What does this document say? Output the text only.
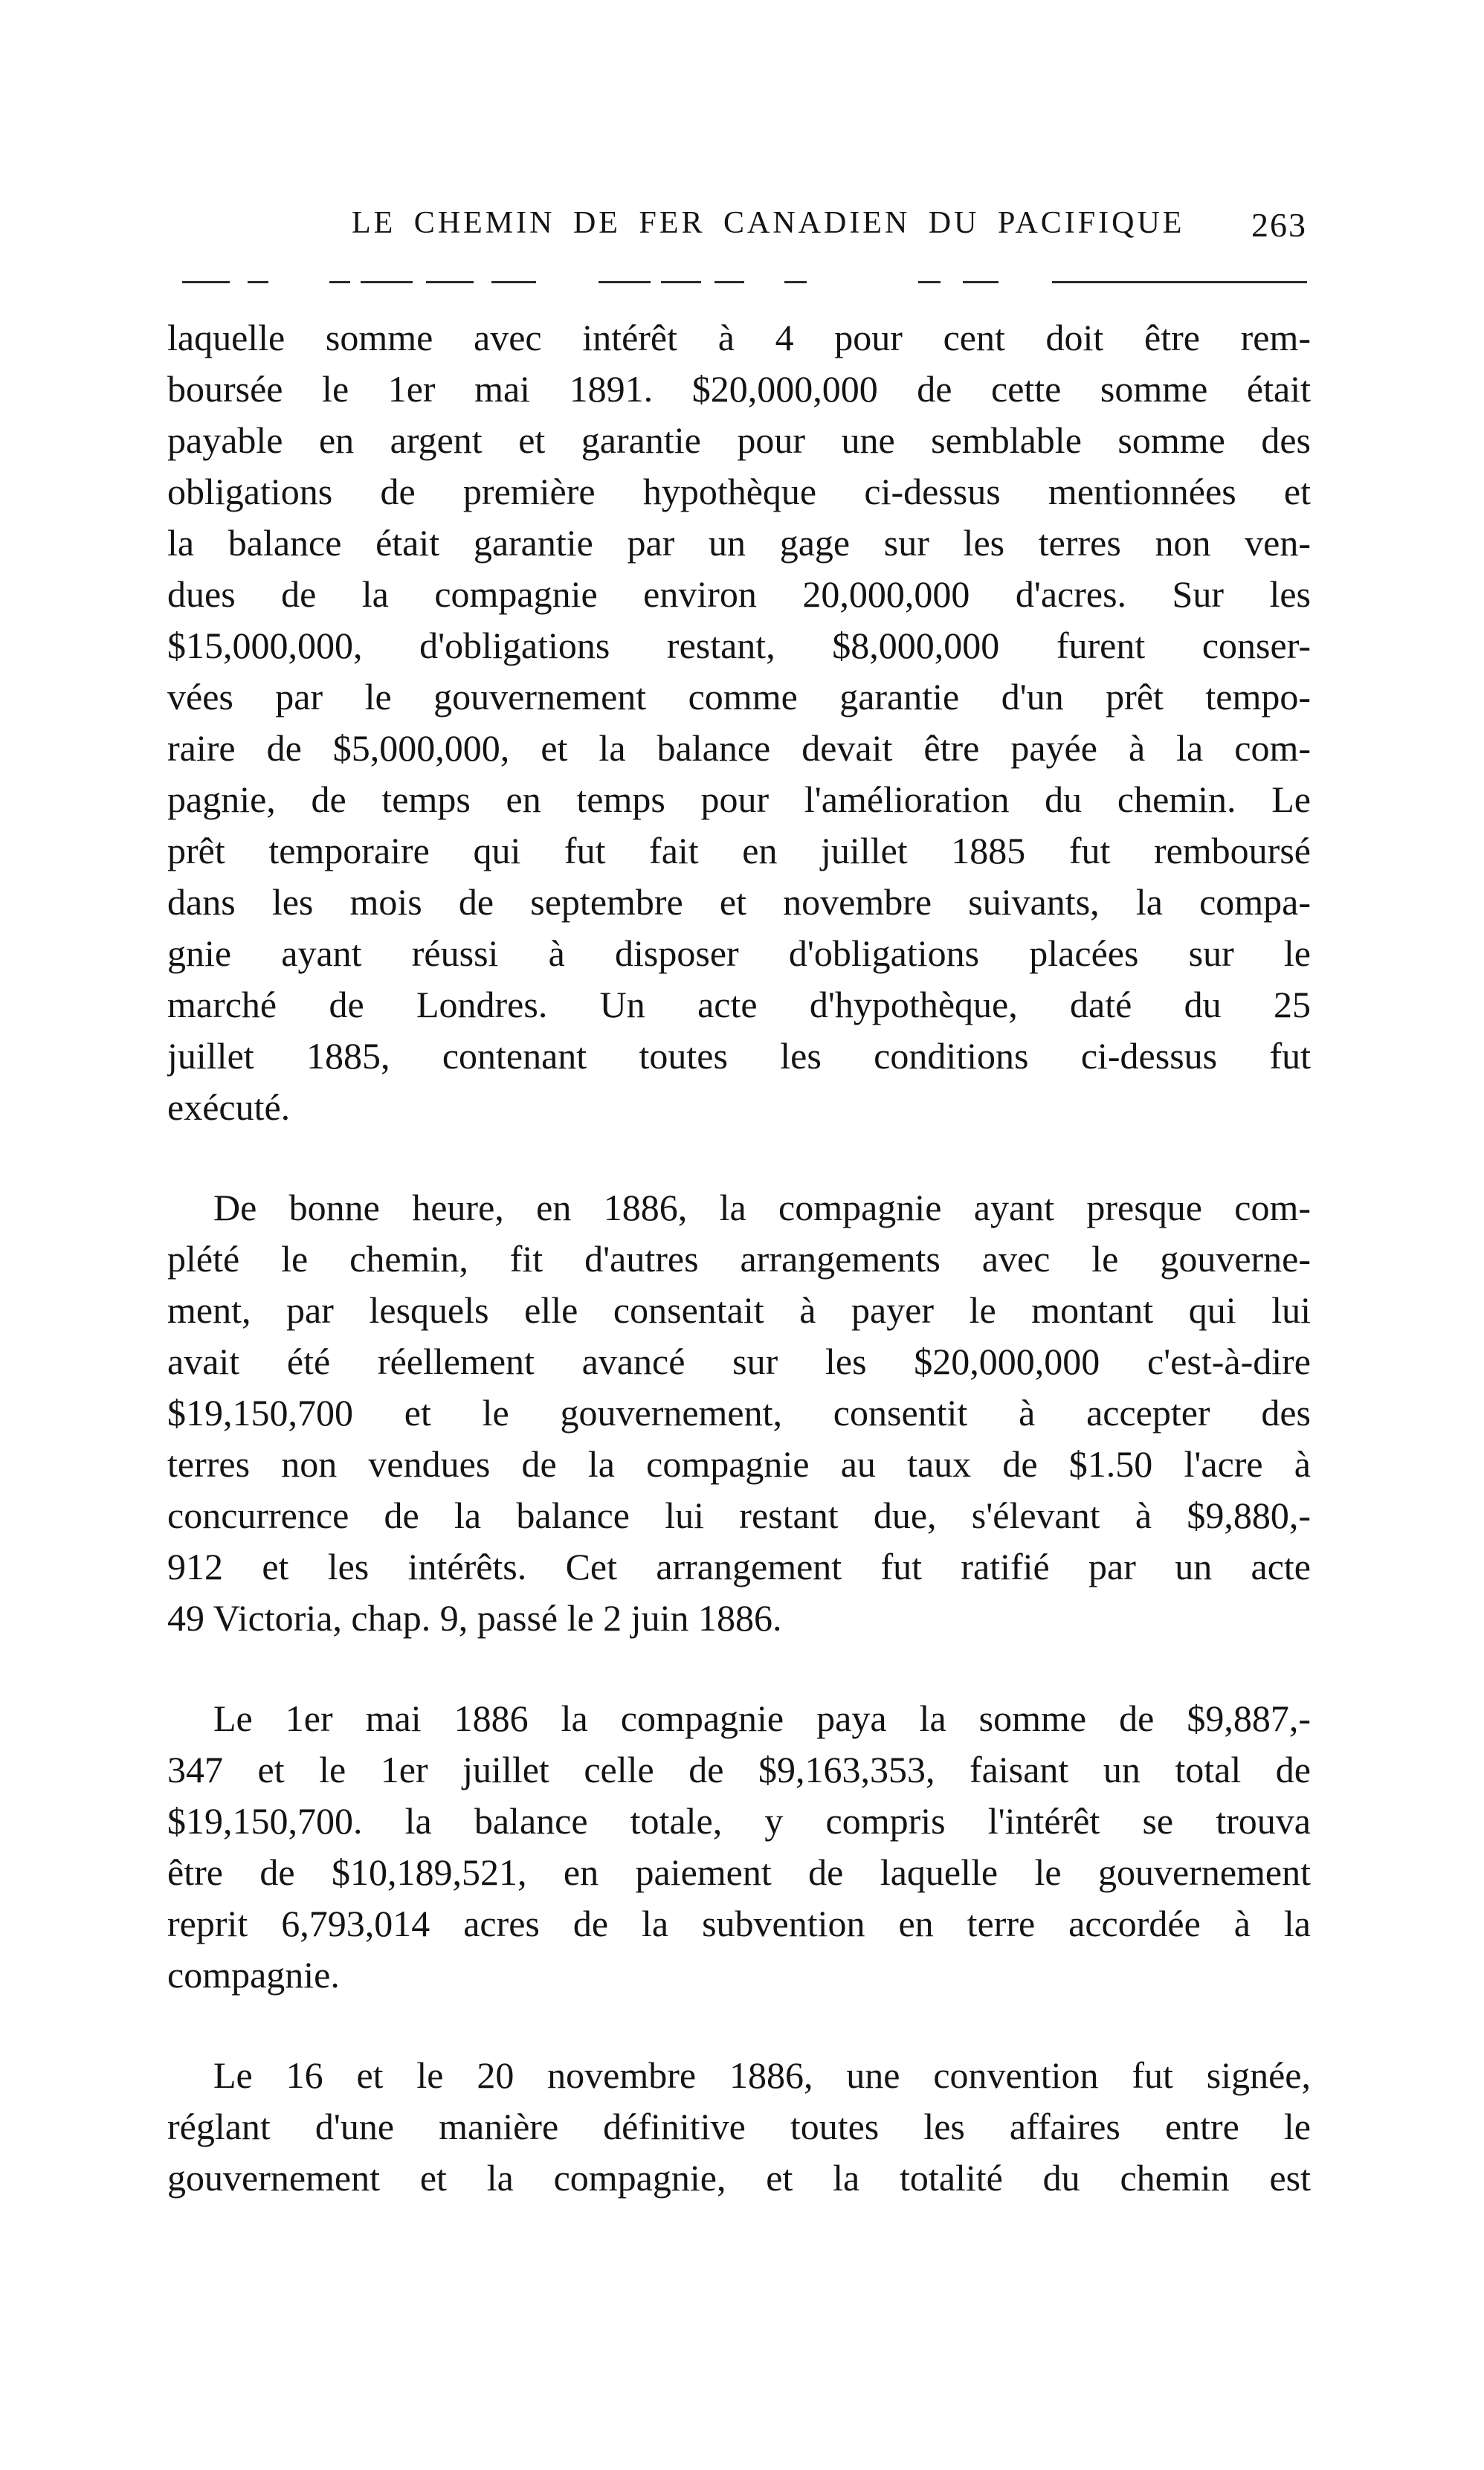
LE CHEMIN DE FER CANADIEN DU PACIFIQUE 263
laquelle somme avec intérêt à 4 pour cent doit être rem-
boursée le 1er mai 1891. $20,000,000 de cette somme était
payable en argent et garantie pour une semblable somme des
obligations de première hypothèque ci-dessus mentionnées et
la balance était garantie par un gage sur les terres non ven-
dues de la compagnie environ 20,000,000 d'acres. Sur les
$15,000,000, d'obligations restant, $8,000,000 furent conser-
vées par le gouvernement comme garantie d'un prêt tempo-
raire de $5,000,000, et la balance devait être payée à la com-
pagnie, de temps en temps pour l'amélioration du chemin. Le
prêt temporaire qui fut fait en juillet 1885 fut remboursé
dans les mois de septembre et novembre suivants, la compa-
gnie ayant réussi à disposer d'obligations placées sur le
marché de Londres. Un acte d'hypothèque, daté du 25
juillet 1885, contenant toutes les conditions ci-dessus fut
exécuté.
De bonne heure, en 1886, la compagnie ayant presque com-
plété le chemin, fit d'autres arrangements avec le gouverne-
ment, par lesquels elle consentait à payer le montant qui lui
avait été réellement avancé sur les $20,000,000 c'est-à-dire
$19,150,700 et le gouvernement, consentit à accepter des
terres non vendues de la compagnie au taux de $1.50 l'acre à
concurrence de la balance lui restant due, s'élevant à $9,880,-
912 et les intérêts. Cet arrangement fut ratifié par un acte
49 Victoria, chap. 9, passé le 2 juin 1886.
Le 1er mai 1886 la compagnie paya la somme de $9,887,-
347 et le 1er juillet celle de $9,163,353, faisant un total de
$19,150,700. la balance totale, y compris l'intérêt se trouva
être de $10,189,521, en paiement de laquelle le gouvernement
reprit 6,793,014 acres de la subvention en terre accordée à la
compagnie.
Le 16 et le 20 novembre 1886, une convention fut signée,
réglant d'une manière définitive toutes les affaires entre le
gouvernement et la compagnie, et la totalité du chemin est
